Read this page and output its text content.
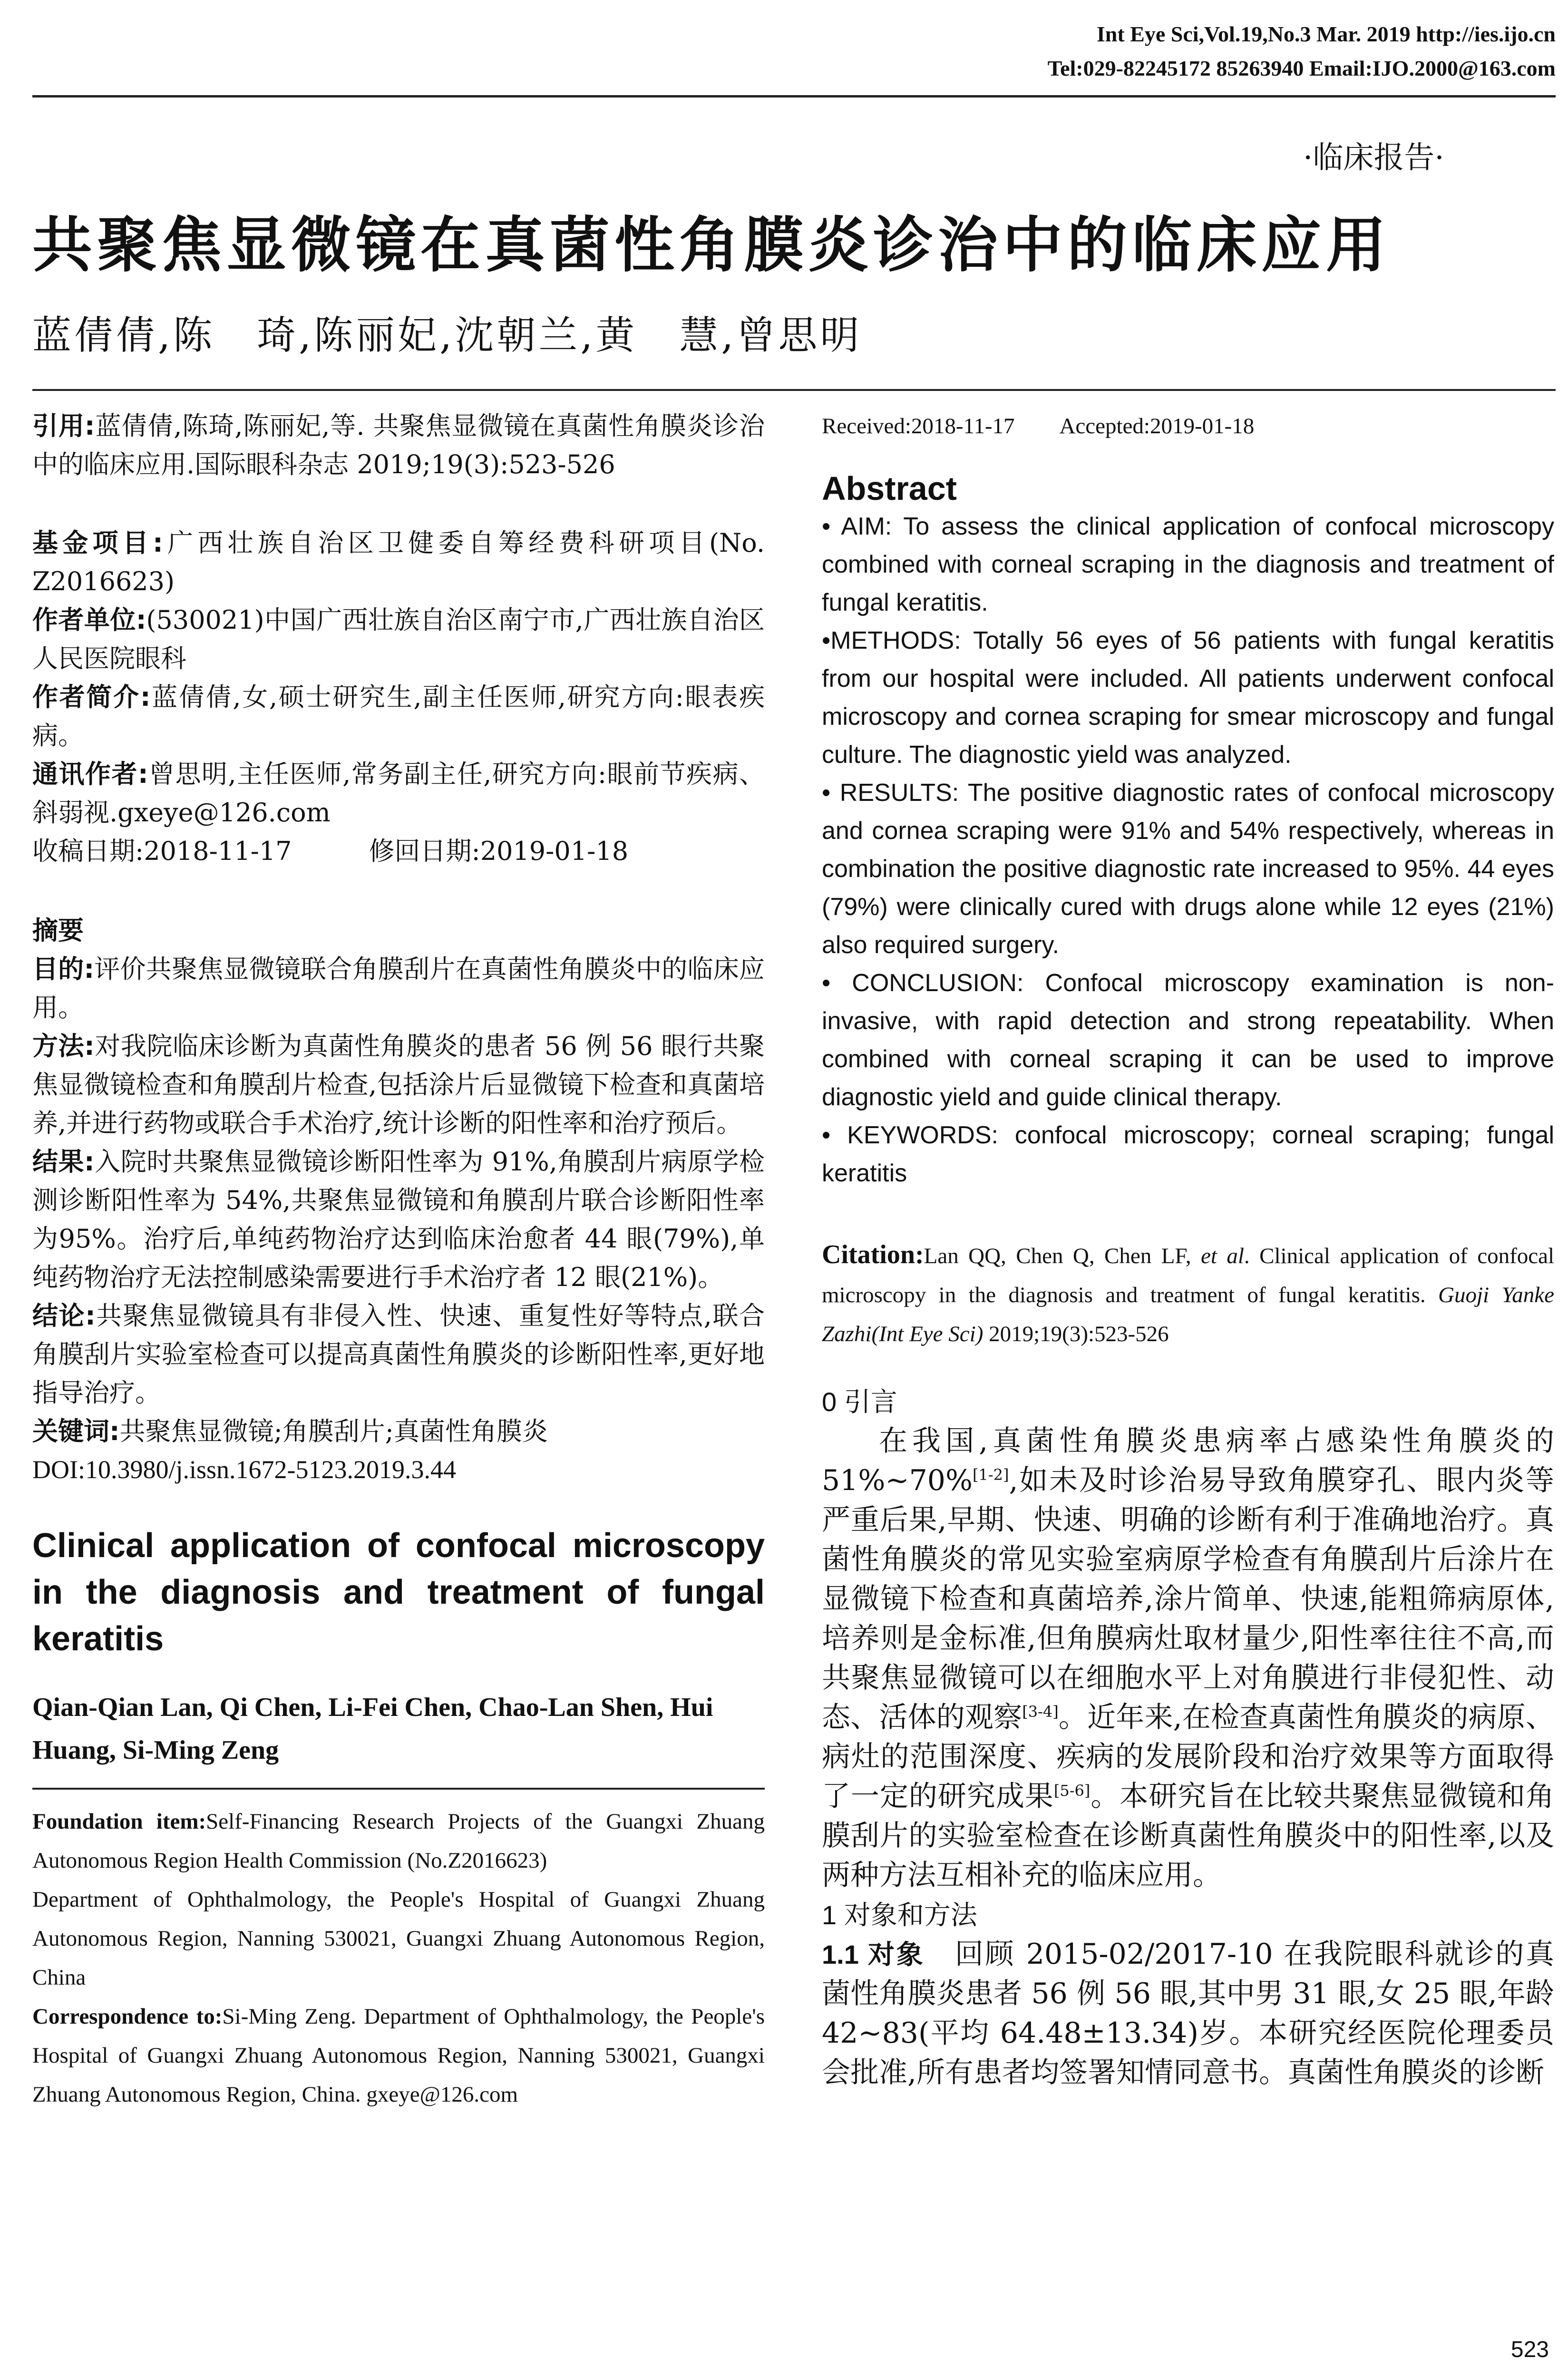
Int Eye Sci,Vol.19,No.3 Mar. 2019 http://ies.ijo.cn
Tel:029-82245172 85263940 Email:IJO.2000@163.com
·临床报告·
共聚焦显微镜在真菌性角膜炎诊治中的临床应用
蓝倩倩,陈　琦,陈丽妃,沈朝兰,黄　慧,曾思明
引用:蓝倩倩,陈琦,陈丽妃,等. 共聚焦显微镜在真菌性角膜炎诊治中的临床应用.国际眼科杂志 2019;19(3):523-526
基金项目:广西壮族自治区卫健委自筹经费科研项目(No. Z2016623)
作者单位:(530021)中国广西壮族自治区南宁市,广西壮族自治区人民医院眼科
作者简介:蓝倩倩,女,硕士研究生,副主任医师,研究方向:眼表疾病。
通讯作者:曾思明,主任医师,常务副主任,研究方向:眼前节疾病、斜弱视.gxeye@126.com
收稿日期:2018-11-17　　　修回日期:2019-01-18
摘要
目的:评价共聚焦显微镜联合角膜刮片在真菌性角膜炎中的临床应用。
方法:对我院临床诊断为真菌性角膜炎的患者 56 例 56 眼行共聚焦显微镜检查和角膜刮片检查,包括涂片后显微镜下检查和真菌培养,并进行药物或联合手术治疗,统计诊断的阳性率和治疗预后。
结果:入院时共聚焦显微镜诊断阳性率为 91%,角膜刮片病原学检测诊断阳性率为 54%,共聚焦显微镜和角膜刮片联合诊断阳性率为95%。治疗后,单纯药物治疗达到临床治愈者 44 眼(79%),单纯药物治疗无法控制感染需要进行手术治疗者 12 眼(21%)。
结论:共聚焦显微镜具有非侵入性、快速、重复性好等特点,联合角膜刮片实验室检查可以提高真菌性角膜炎的诊断阳性率,更好地指导治疗。
关键词:共聚焦显微镜;角膜刮片;真菌性角膜炎
DOI:10.3980/j.issn.1672-5123.2019.3.44
Clinical application of confocal microscopy in the diagnosis and treatment of fungal keratitis
Qian-Qian Lan, Qi Chen, Li-Fei Chen, Chao-Lan Shen, Hui Huang, Si-Ming Zeng
Foundation item:Self-Financing Research Projects of the Guangxi Zhuang Autonomous Region Health Commission (No.Z2016623)
Department of Ophthalmology, the People's Hospital of Guangxi Zhuang Autonomous Region, Nanning 530021, Guangxi Zhuang Autonomous Region, China
Correspondence to:Si-Ming Zeng. Department of Ophthalmology, the People's Hospital of Guangxi Zhuang Autonomous Region, Nanning 530021, Guangxi Zhuang Autonomous Region, China. gxeye@126.com
Received:2018-11-17　　Accepted:2019-01-18
Abstract
• AIM: To assess the clinical application of confocal microscopy combined with corneal scraping in the diagnosis and treatment of fungal keratitis.
•METHODS: Totally 56 eyes of 56 patients with fungal keratitis from our hospital were included. All patients underwent confocal microscopy and cornea scraping for smear microscopy and fungal culture. The diagnostic yield was analyzed.
• RESULTS: The positive diagnostic rates of confocal microscopy and cornea scraping were 91% and 54% respectively, whereas in combination the positive diagnostic rate increased to 95%. 44 eyes (79%) were clinically cured with drugs alone while 12 eyes (21%) also required surgery.
• CONCLUSION: Confocal microscopy examination is non- invasive, with rapid detection and strong repeatability. When combined with corneal scraping it can be used to improve diagnostic yield and guide clinical therapy.
• KEYWORDS: confocal microscopy; corneal scraping; fungal keratitis
Citation:Lan QQ, Chen Q, Chen LF, et al. Clinical application of confocal microscopy in the diagnosis and treatment of fungal keratitis. Guoji Yanke Zazhi(Int Eye Sci) 2019;19(3):523-526
0 引言
在我国,真菌性角膜炎患病率占感染性角膜炎的 51%~70%[1-2],如未及时诊治易导致角膜穿孔、眼内炎等严重后果,早期、快速、明确的诊断有利于准确地治疗。真菌性角膜炎的常见实验室病原学检查有角膜刮片后涂片在显微镜下检查和真菌培养,涂片简单、快速,能粗筛病原体,培养则是金标准,但角膜病灶取材量少,阳性率往往不高,而共聚焦显微镜可以在细胞水平上对角膜进行非侵犯性、动态、活体的观察[3-4]。近年来,在检查真菌性角膜炎的病原、病灶的范围深度、疾病的发展阶段和治疗效果等方面取得了一定的研究成果[5-6]。本研究旨在比较共聚焦显微镜和角膜刮片的实验室检查在诊断真菌性角膜炎中的阳性率,以及两种方法互相补充的临床应用。
1 对象和方法
1.1 对象　 回顾 2015-02/2017-10 在我院眼科就诊的真菌性角膜炎患者 56 例 56 眼,其中男 31 眼,女 25 眼,年龄 42~83(平均 64.48±13.34)岁。本研究经医院伦理委员会批准,所有患者均签署知情同意书。真菌性角膜炎的诊断
523
